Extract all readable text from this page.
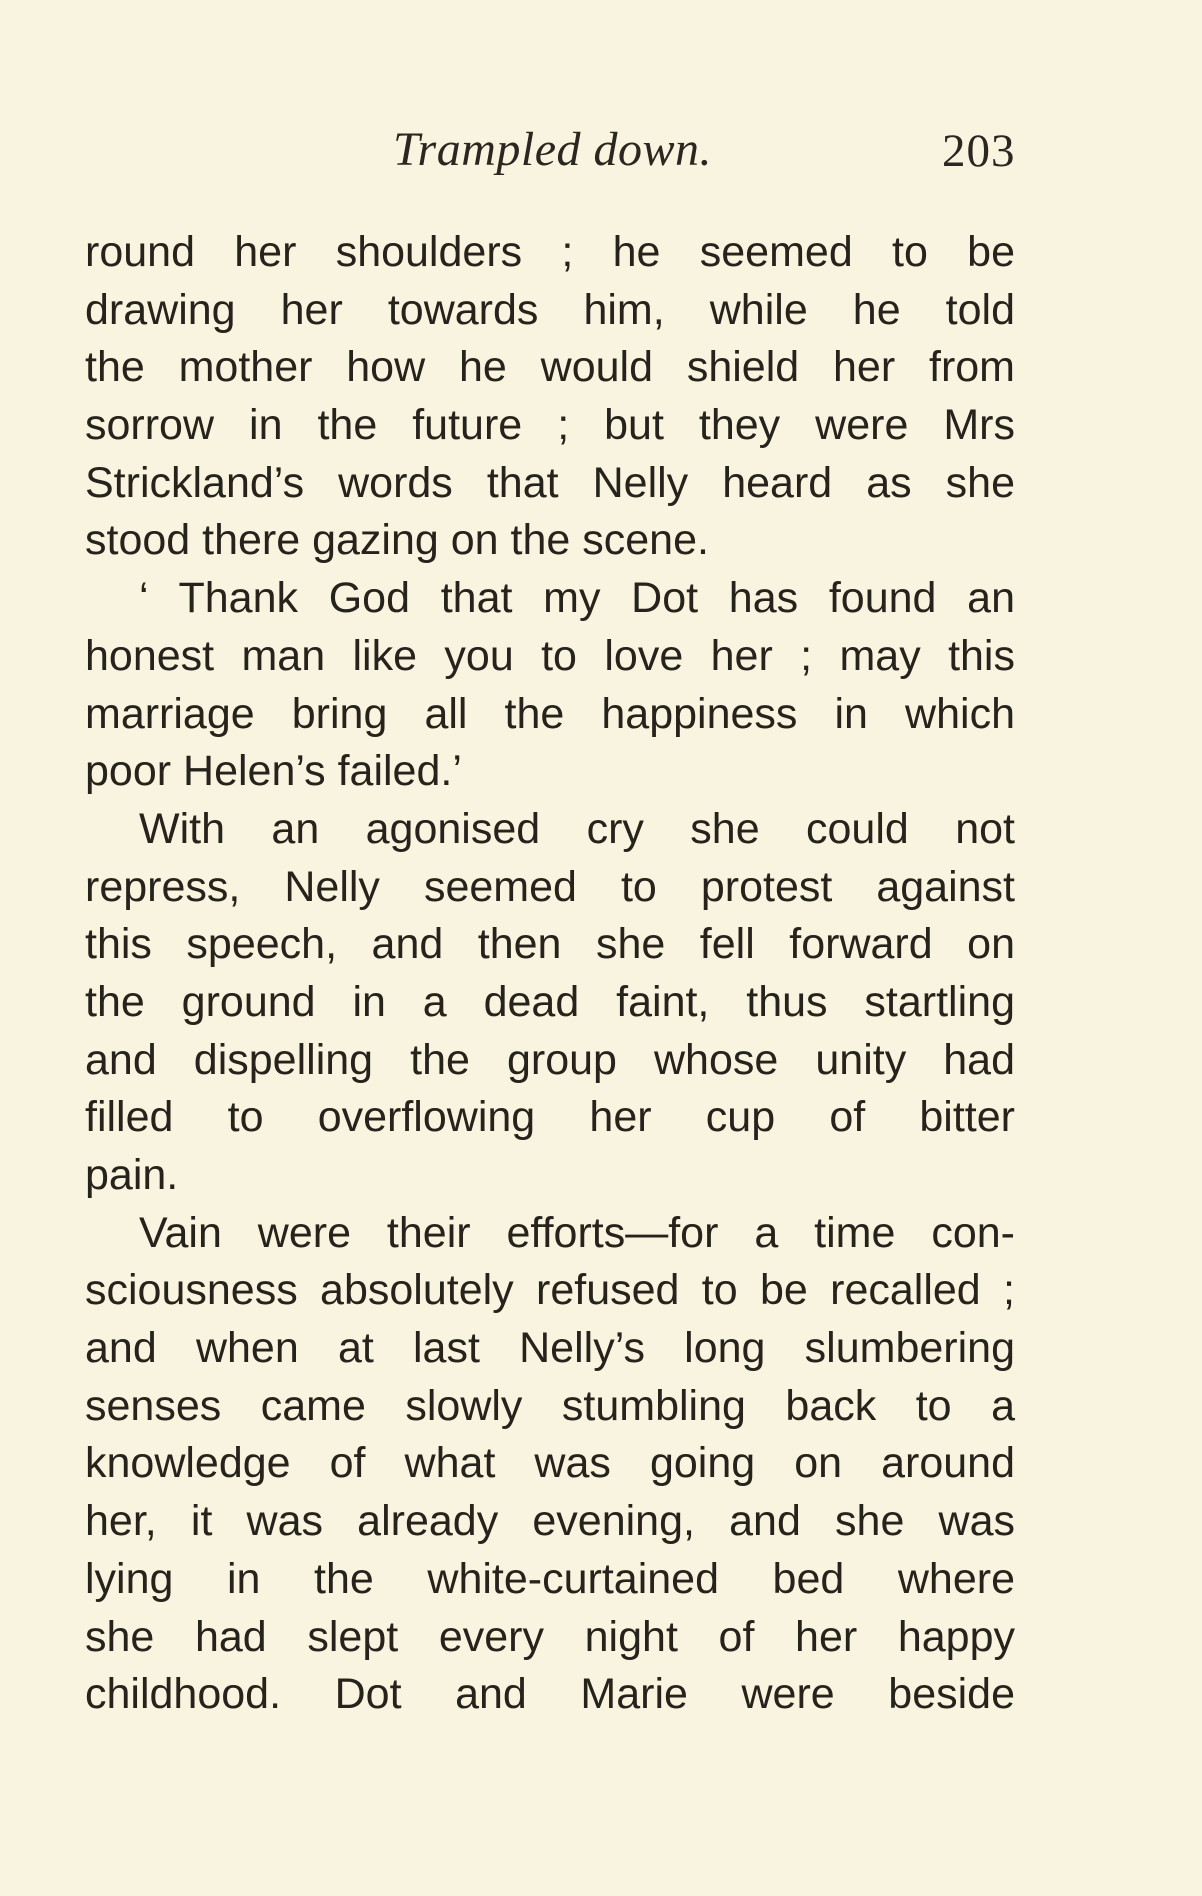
Trampled down.	203
round her shoulders ; he seemed to be
drawing her towards him, while he told
the mother how he would shield her from
sorrow in the future ; but they were Mrs
Strickland’s words that Nelly heard as she
stood there gazing on the scene.
‘ Thank God that my Dot has found an
honest man like you to love her ; may this
marriage bring all the happiness in which
poor Helen’s failed.’
With an agonised cry she could not
repress, Nelly seemed to protest against
this speech, and then she fell forward on
the ground in a dead faint, thus startling
and dispelling the group whose unity had
filled to overflowing her cup of bitter
pain.
Vain were their efforts—for a time con-
sciousness absolutely refused to be recalled ;
and when at last Nelly’s long slumbering
senses came slowly stumbling back to a
knowledge of what was going on around
her, it was already evening, and she was
lying in the white-curtained bed where
she had slept every night of her happy
childhood. Dot and Marie were beside
